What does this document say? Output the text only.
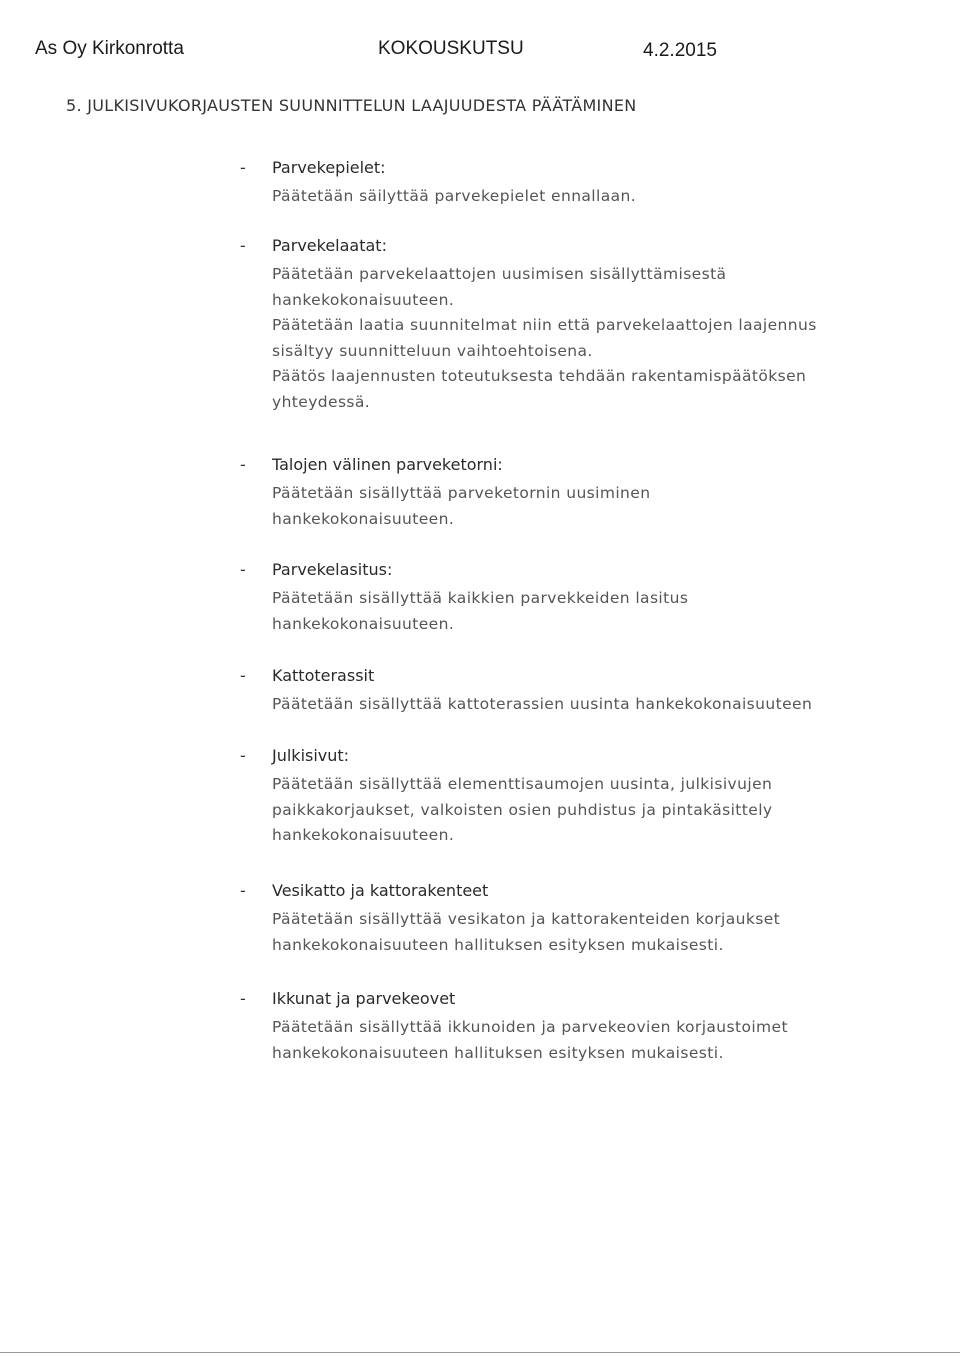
As Oy Kirkonrotta	KOKOUSKUTSU	4.2.2015
5. JULKISIVUKORJAUSTEN SUUNNITTELUN LAAJUUDESTA PÄÄTÄMINEN
- Parvekepielet:
Päätetään säilyttää parvekepielet ennallaan.
- Parvekelaatat:
Päätetään parvekelaattojen uusimisen sisällyttämisestä
hankekokonaisuuteen.
Päätetään laatia suunnitelmat niin että parvekelaattojen laajennus
sisältyy suunnitteluun vaihtoehtoisena.
Päätös laajennusten toteutuksesta tehdään rakentamispäätöksen
yhteydessä.
- Talojen välinen parveketorni:
Päätetään sisällyttää parveketornin uusiminen
hankekokonaisuuteen.
- Parvekelasitus:
Päätetään sisällyttää kaikkien parvekkeiden lasitus
hankekokonaisuuteen.
- Kattoterassit
Päätetään sisällyttää kattoterassien uusinta hankekokonaisuuteen
- Julkisivut:
Päätetään sisällyttää elementtisaumojen uusinta, julkisivujen
paikkakorjaukset, valkoisten osien puhdistus ja pintakäsittely
hankekokonaisuuteen.
- Vesikatto ja kattorakenteet
Päätetään sisällyttää vesikaton ja kattorakenteiden korjaukset
hankekokonaisuuteen hallituksen esityksen mukaisesti.
- Ikkunat ja parvekeovet
Päätetään sisällyttää ikkunoiden ja parvekeovien korjaustoimet
hankekokonaisuuteen hallituksen esityksen mukaisesti.
